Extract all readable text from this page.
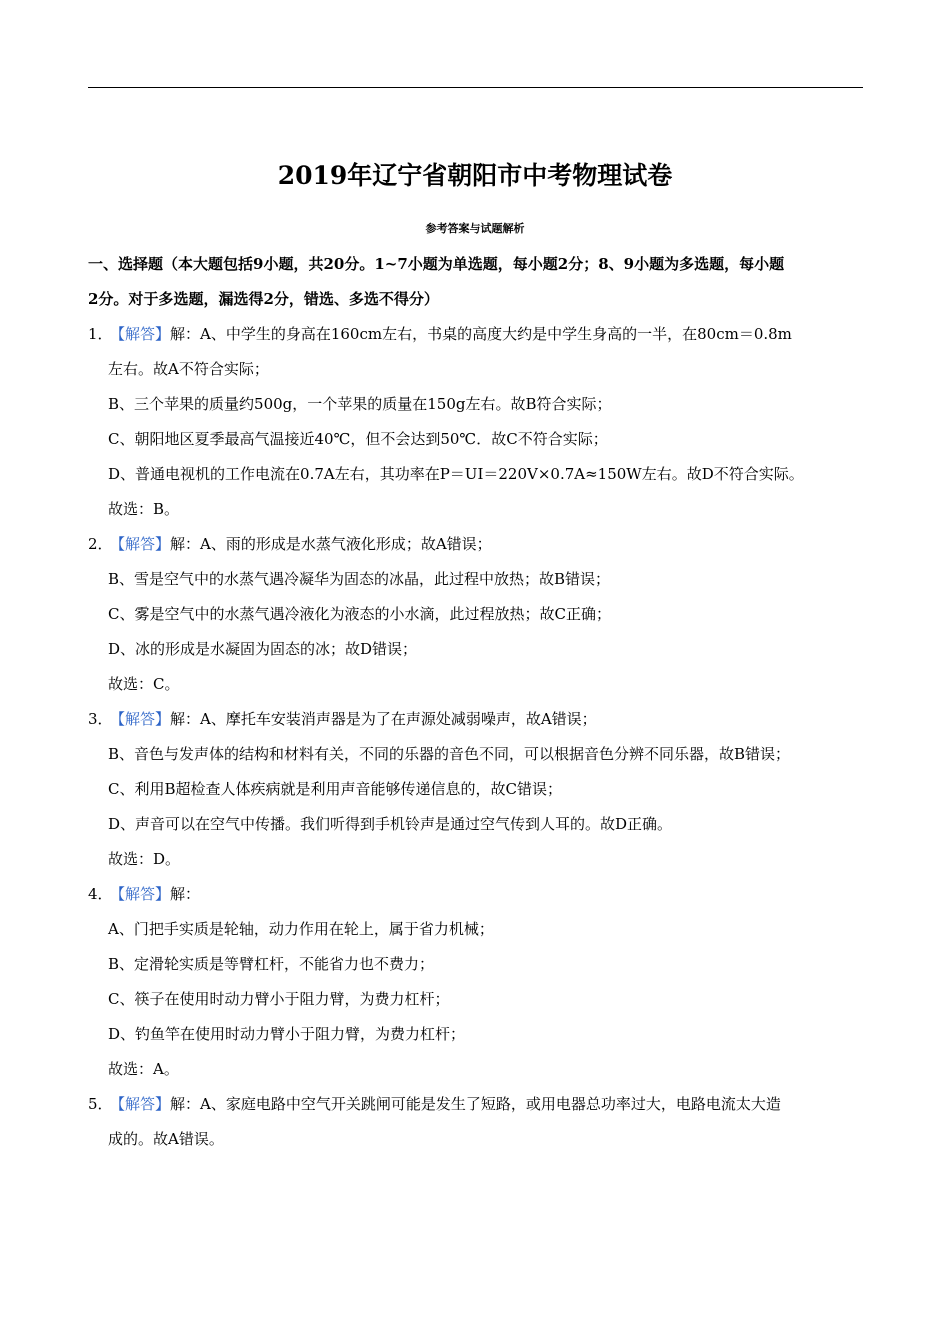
2019年辽宁省朝阳市中考物理试卷
参考答案与试题解析

一、选择题（本大题包括9小题，共20分。1~7小题为单选题，每小题2分；8、9小题为多选题，每小题

2分。对于多选题，漏选得2分，错选、多选不得分）

1．【解答】解：A、中学生的身高在160cm左右，书桌的高度大约是中学生身高的一半，在80cm＝0.8m

左右。故A不符合实际；

B、三个苹果的质量约500g，一个苹果的质量在150g左右。故B符合实际；

C、朝阳地区夏季最高气温接近40℃，但不会达到50℃．故C不符合实际；

D、普通电视机的工作电流在0.7A左右，其功率在P＝UI＝220V×0.7A≈150W左右。故D不符合实际。

故选：B。

2．【解答】解：A、雨的形成是水蒸气液化形成；故A错误；

B、雪是空气中的水蒸气遇冷凝华为固态的冰晶，此过程中放热；故B错误；

C、雾是空气中的水蒸气遇冷液化为液态的小水滴，此过程放热；故C正确；

D、冰的形成是水凝固为固态的冰；故D错误；

故选：C。

3．【解答】解：A、摩托车安装消声器是为了在声源处减弱噪声，故A错误；

B、音色与发声体的结构和材料有关，不同的乐器的音色不同，可以根据音色分辨不同乐器，故B错误；

C、利用B超检查人体疾病就是利用声音能够传递信息的，故C错误；

D、声音可以在空气中传播。我们听得到手机铃声是通过空气传到人耳的。故D正确。

故选：D。

4．【解答】解：

A、门把手实质是轮轴，动力作用在轮上，属于省力机械；

B、定滑轮实质是等臂杠杆，不能省力也不费力；

C、筷子在使用时动力臂小于阻力臂，为费力杠杆；

D、钓鱼竿在使用时动力臂小于阻力臂，为费力杠杆；

故选：A。

5．【解答】解：A、家庭电路中空气开关跳闸可能是发生了短路，或用电器总功率过大，电路电流太大造

成的。故A错误。
